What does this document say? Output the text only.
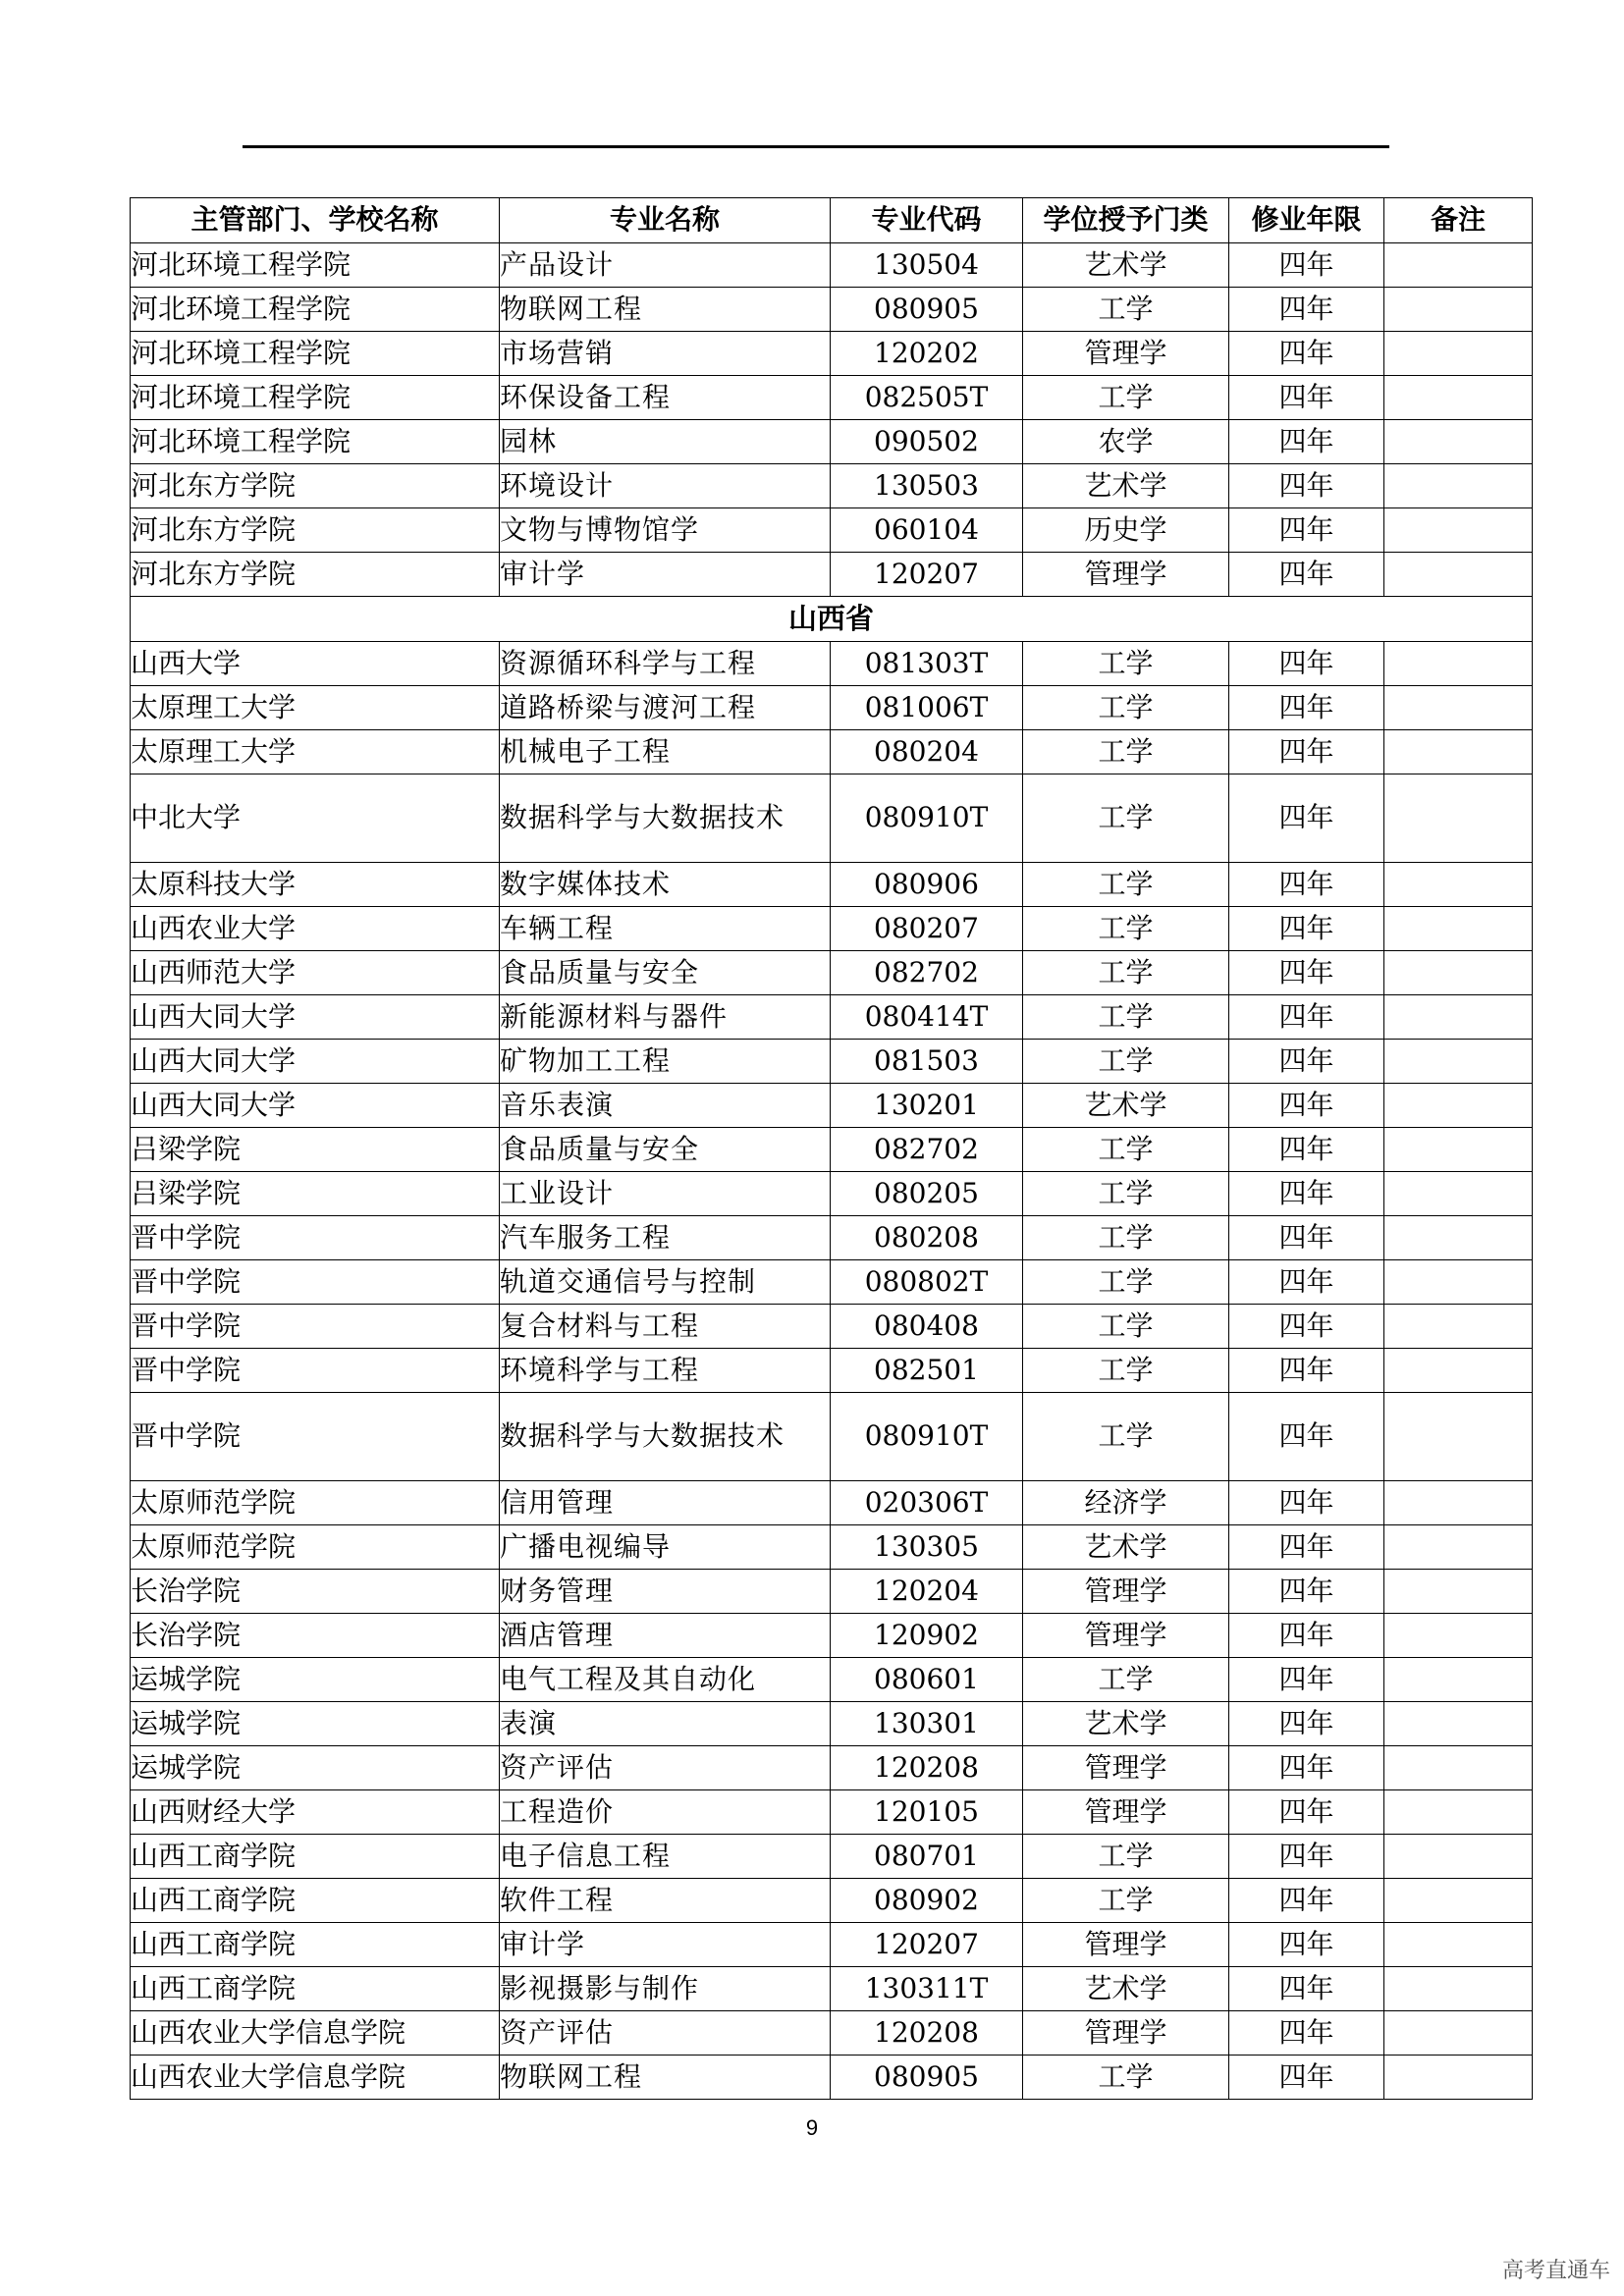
主管部门、学校名称	专业名称	专业代码	学位授予门类	修业年限	备注
河北环境工程学院	产品设计	130504	艺术学	四年	
河北环境工程学院	物联网工程	080905	工学	四年	
河北环境工程学院	市场营销	120202	管理学	四年	
河北环境工程学院	环保设备工程	082505T	工学	四年	
河北环境工程学院	园林	090502	农学	四年	
河北东方学院	环境设计	130503	艺术学	四年	
河北东方学院	文物与博物馆学	060104	历史学	四年	
河北东方学院	审计学	120207	管理学	四年	
山西省					
山西大学	资源循环科学与工程	081303T	工学	四年	
太原理工大学	道路桥梁与渡河工程	081006T	工学	四年	
太原理工大学	机械电子工程	080204	工学	四年	
中北大学	数据科学与大数据技术	080910T	工学	四年	
太原科技大学	数字媒体技术	080906	工学	四年	
山西农业大学	车辆工程	080207	工学	四年	
山西师范大学	食品质量与安全	082702	工学	四年	
山西大同大学	新能源材料与器件	080414T	工学	四年	
山西大同大学	矿物加工工程	081503	工学	四年	
山西大同大学	音乐表演	130201	艺术学	四年	
吕梁学院	食品质量与安全	082702	工学	四年	
吕梁学院	工业设计	080205	工学	四年	
晋中学院	汽车服务工程	080208	工学	四年	
晋中学院	轨道交通信号与控制	080802T	工学	四年	
晋中学院	复合材料与工程	080408	工学	四年	
晋中学院	环境科学与工程	082501	工学	四年	
晋中学院	数据科学与大数据技术	080910T	工学	四年	
太原师范学院	信用管理	020306T	经济学	四年	
太原师范学院	广播电视编导	130305	艺术学	四年	
长治学院	财务管理	120204	管理学	四年	
长治学院	酒店管理	120902	管理学	四年	
运城学院	电气工程及其自动化	080601	工学	四年	
运城学院	表演	130301	艺术学	四年	
运城学院	资产评估	120208	管理学	四年	
山西财经大学	工程造价	120105	管理学	四年	
山西工商学院	电子信息工程	080701	工学	四年	
山西工商学院	软件工程	080902	工学	四年	
山西工商学院	审计学	120207	管理学	四年	
山西工商学院	影视摄影与制作	130311T	艺术学	四年	
山西农业大学信息学院	资产评估	120208	管理学	四年	
山西农业大学信息学院	物联网工程	080905	工学	四年	
9
高考直通车
